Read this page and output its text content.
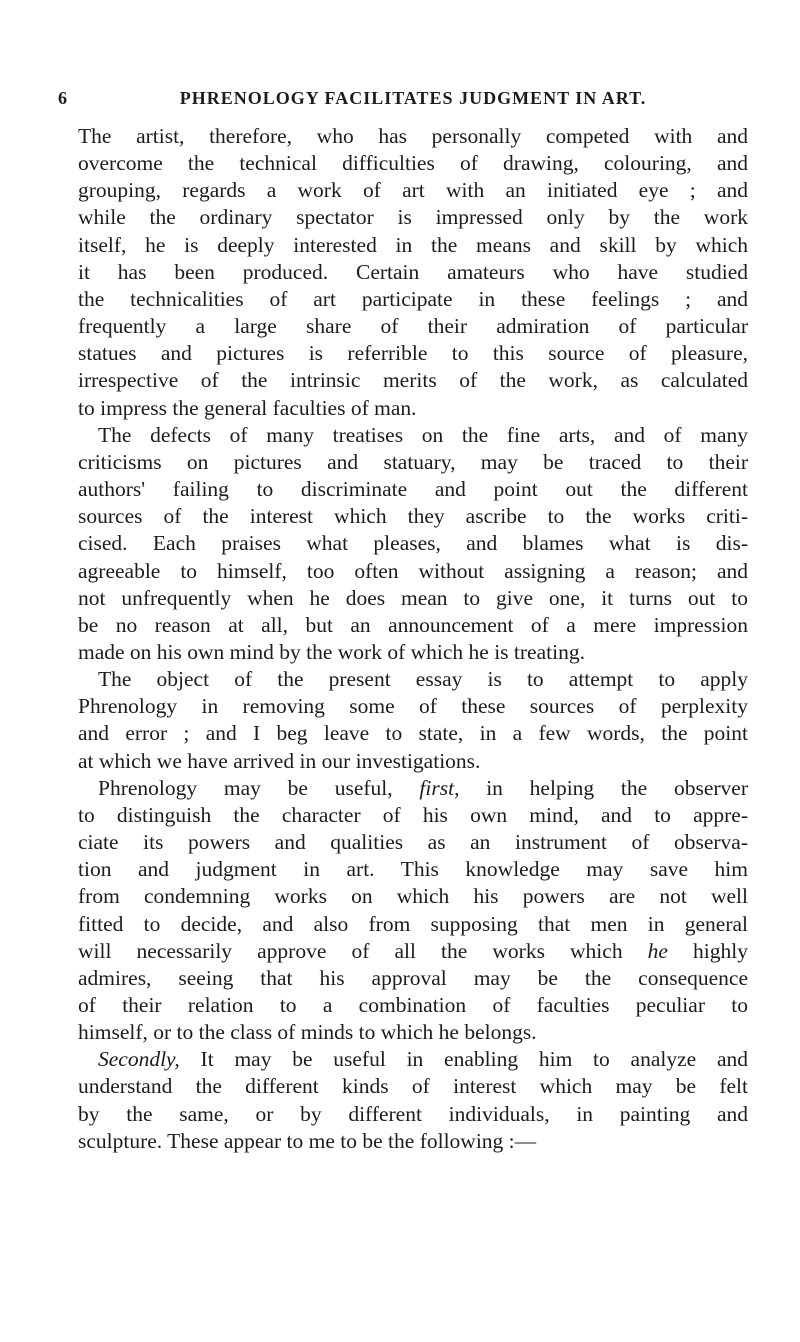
6	PHRENOLOGY FACILITATES JUDGMENT IN ART.
The artist, therefore, who has personally competed with and
overcome the technical difficulties of drawing, colouring, and
grouping, regards a work of art with an initiated eye ; and
while the ordinary spectator is impressed only by the work
itself, he is deeply interested in the means and skill by which
it has been produced. Certain amateurs who have studied
the technicalities of art participate in these feelings ; and
frequently a large share of their admiration of particular
statues and pictures is referrible to this source of pleasure,
irrespective of the intrinsic merits of the work, as calculated
to impress the general faculties of man.
The defects of many treatises on the fine arts, and of many
criticisms on pictures and statuary, may be traced to their
authors' failing to discriminate and point out the different
sources of the interest which they ascribe to the works criti-
cised. Each praises what pleases, and blames what is dis-
agreeable to himself, too often without assigning a reason; and
not unfrequently when he does mean to give one, it turns out to
be no reason at all, but an announcement of a mere impression
made on his own mind by the work of which he is treating.
The object of the present essay is to attempt to apply
Phrenology in removing some of these sources of perplexity
and error ; and I beg leave to state, in a few words, the point
at which we have arrived in our investigations.
Phrenology may be useful, first, in helping the observer
to distinguish the character of his own mind, and to appre-
ciate its powers and qualities as an instrument of observa-
tion and judgment in art. This knowledge may save him
from condemning works on which his powers are not well
fitted to decide, and also from supposing that men in general
will necessarily approve of all the works which he highly
admires, seeing that his approval may be the consequence
of their relation to a combination of faculties peculiar to
himself, or to the class of minds to which he belongs.
Secondly, It may be useful in enabling him to analyze and
understand the different kinds of interest which may be felt
by the same, or by different individuals, in painting and
sculpture. These appear to me to be the following :—
